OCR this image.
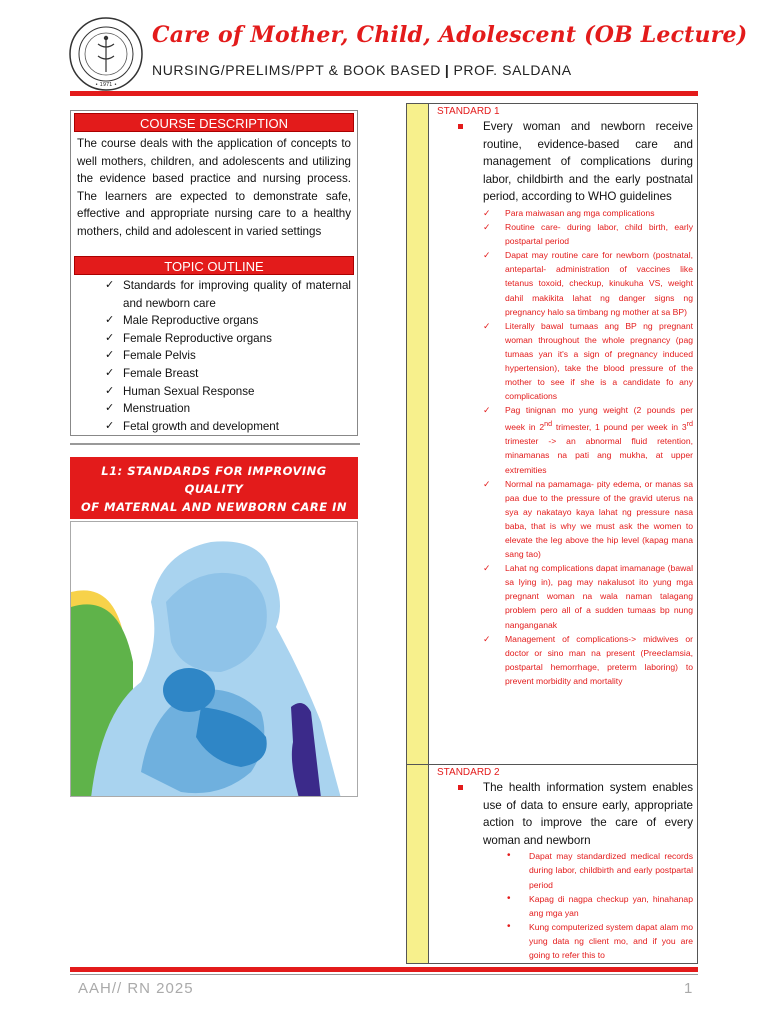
• 1971 •
Care of Mother, Child, Adolescent (OB Lecture)
NURSING/PRELIMS/PPT & BOOK BASED | PROF. SALDANA
COURSE DESCRIPTION
The course deals with the application of concepts to well mothers, children, and adolescents and utilizing the evidence based practice and nursing process. The learners are expected to demonstrate safe, effective and appropriate nursing care to a healthy mothers, child and adolescent in varied settings
TOPIC OUTLINE
✓ Standards for improving quality of maternal and newborn care
✓ Male Reproductive organs
✓ Female Reproductive organs
✓ Female Pelvis
✓ Female Breast
✓ Human Sexual Response
✓ Menstruation
✓ Fetal growth and development
L1: STANDARDS FOR IMPROVING QUALITY
OF MATERNAL AND NEWBORN CARE IN
STANDARD 1
Every woman and newborn receive routine, evidence-based care and management of complications during labor, childbirth and the early postnatal period, according to WHO guidelines
✓ Para maiwasan ang mga complications
✓ Routine care- during labor, child birth, early postpartal period
✓ Dapat may routine care for newborn (postnatal, antepartal- administration of vaccines like tetanus toxoid, checkup, kinukuha VS, weight dahil makikita lahat ng danger signs ng pregnancy halo sa timbang ng mother at sa BP)
✓ Literally bawal tumaas ang BP ng pregnant woman throughout the whole pregnancy (pag tumaas yan it's a sign of pregnancy induced hypertension), take the blood pressure of the mother to see if she is a candidate fo any complications
✓ Pag tinignan mo yung weight (2 pounds per week in 2nd trimester, 1 pound per week in 3rd trimester -> an abnormal fluid retention, minamanas na pati ang mukha, at upper extremities
✓ Normal na pamamaga- pity edema, or manas sa paa due to the pressure of the gravid uterus na sya ay nakatayo kaya lahat ng pressure nasa baba, that is why we must ask the women to elevate the leg above the hip level (kapag mana sang tao)
✓ Lahat ng complications dapat imamanage (bawal sa lying in), pag may nakalusot ito yung mga pregnant woman na wala naman talagang problem pero all of a sudden tumaas bp nung nanganganak
✓ Management of complications-> midwives or doctor or sino man na present (Preeclamsia, postpartal hemorrhage, preterm laboring) to prevent morbidity and mortality
STANDARD 2
The health information system enables use of data to ensure early, appropriate action to improve the care of every woman and newborn
• Dapat may standardized medical records during labor, childbirth and early postpartal period
• Kapag di nagpa checkup yan, hinahanap ang mga yan
• Kung computerized system dapat alam mo yung data ng client mo, and if you are going to refer this to
AAH// RN 2025	1
